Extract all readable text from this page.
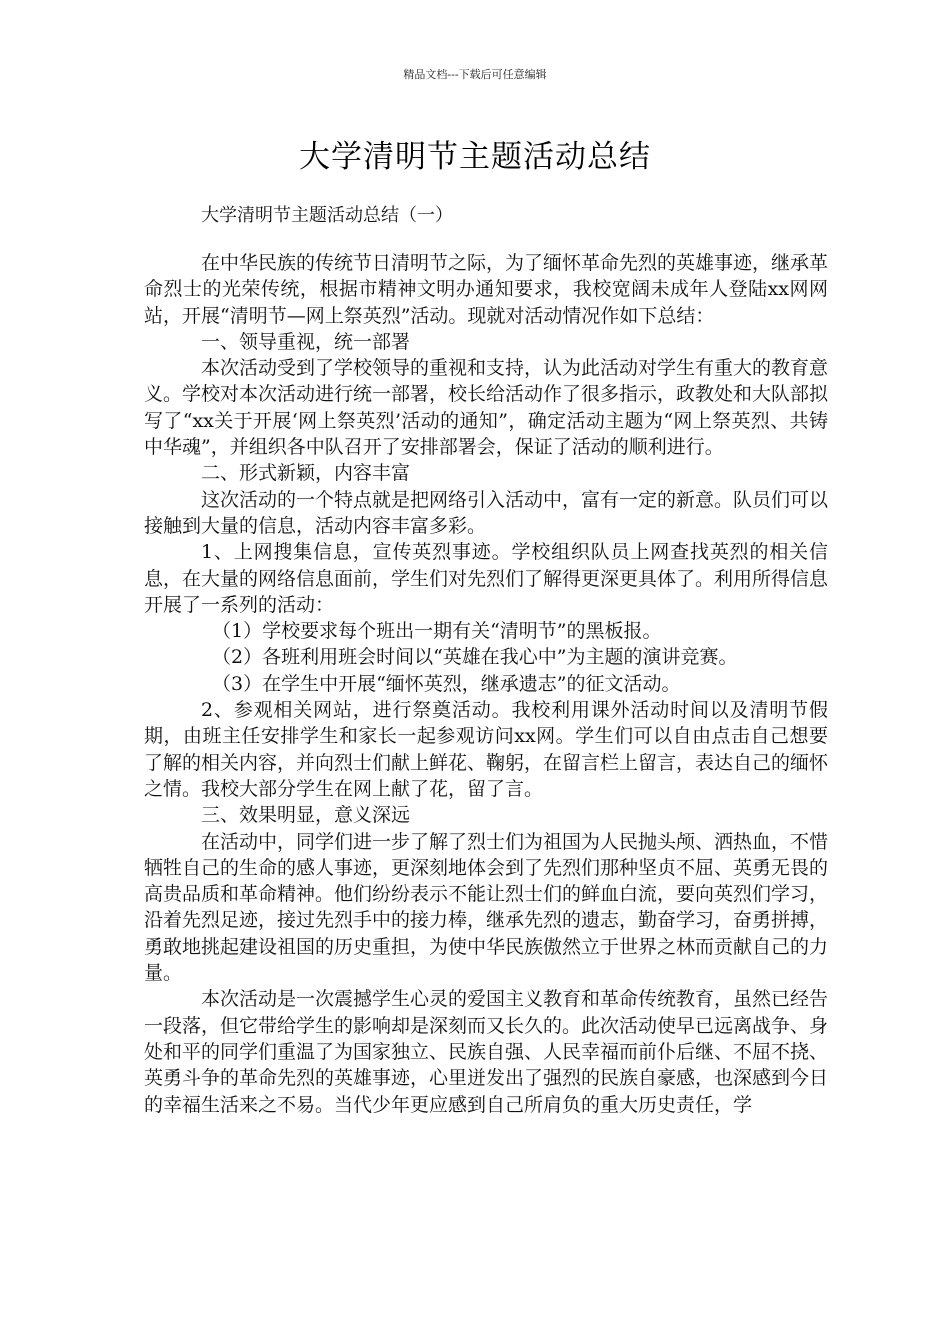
精品文档---下载后可任意编辑
大学清明节主题活动总结
大学清明节主题活动总结（一）

在中华民族的传统节日清明节之际，为了缅怀革命先烈的英雄事迹，继承革命烈士的光荣传统，根据市精神文明办通知要求，我校宽阔未成年人登陆xx网网站，开展“清明节—网上祭英烈”活动。现就对活动情况作如下总结：

一、领导重视，统一部署

本次活动受到了学校领导的重视和支持，认为此活动对学生有重大的教育意义。学校对本次活动进行统一部署，校长给活动作了很多指示，政教处和大队部拟写了“xx关于开展‘网上祭英烈’活动的通知”，确定活动主题为“网上祭英烈、共铸中华魂”，并组织各中队召开了安排部署会，保证了活动的顺利进行。

二、形式新颖，内容丰富

这次活动的一个特点就是把网络引入活动中，富有一定的新意。队员们可以接触到大量的信息，活动内容丰富多彩。

1、上网搜集信息，宣传英烈事迹。学校组织队员上网查找英烈的相关信息，在大量的网络信息面前，学生们对先烈们了解得更深更具体了。利用所得信息开展了一系列的活动：

（1）学校要求每个班出一期有关“清明节”的黑板报。

（2）各班利用班会时间以“英雄在我心中”为主题的演讲竞赛。

（3）在学生中开展“缅怀英烈，继承遗志”的征文活动。

2、参观相关网站，进行祭奠活动。我校利用课外活动时间以及清明节假期，由班主任安排学生和家长一起参观访问xx网。学生们可以自由点击自己想要了解的相关内容，并向烈士们献上鲜花、鞠躬，在留言栏上留言，表达自己的缅怀之情。我校大部分学生在网上献了花，留了言。

三、效果明显，意义深远

在活动中，同学们进一步了解了烈士们为祖国为人民抛头颅、洒热血，不惜牺牲自己的生命的感人事迹，更深刻地体会到了先烈们那种坚贞不屈、英勇无畏的高贵品质和革命精神。他们纷纷表示不能让烈士们的鲜血白流，要向英烈们学习，沿着先烈足迹，接过先烈手中的接力棒，继承先烈的遗志，勤奋学习，奋勇拼搏，勇敢地挑起建设祖国的历史重担，为使中华民族傲然立于世界之林而贡献自己的力量。

本次活动是一次震撼学生心灵的爱国主义教育和革命传统教育，虽然已经告一段落，但它带给学生的影响却是深刻而又长久的。此次活动使早已远离战争、身处和平的同学们重温了为国家独立、民族自强、人民幸福而前仆后继、不屈不挠、英勇斗争的革命先烈的英雄事迹，心里迸发出了强烈的民族自豪感，也深感到今日的幸福生活来之不易。当代少年更应感到自己所肩负的重大历史责任，学
